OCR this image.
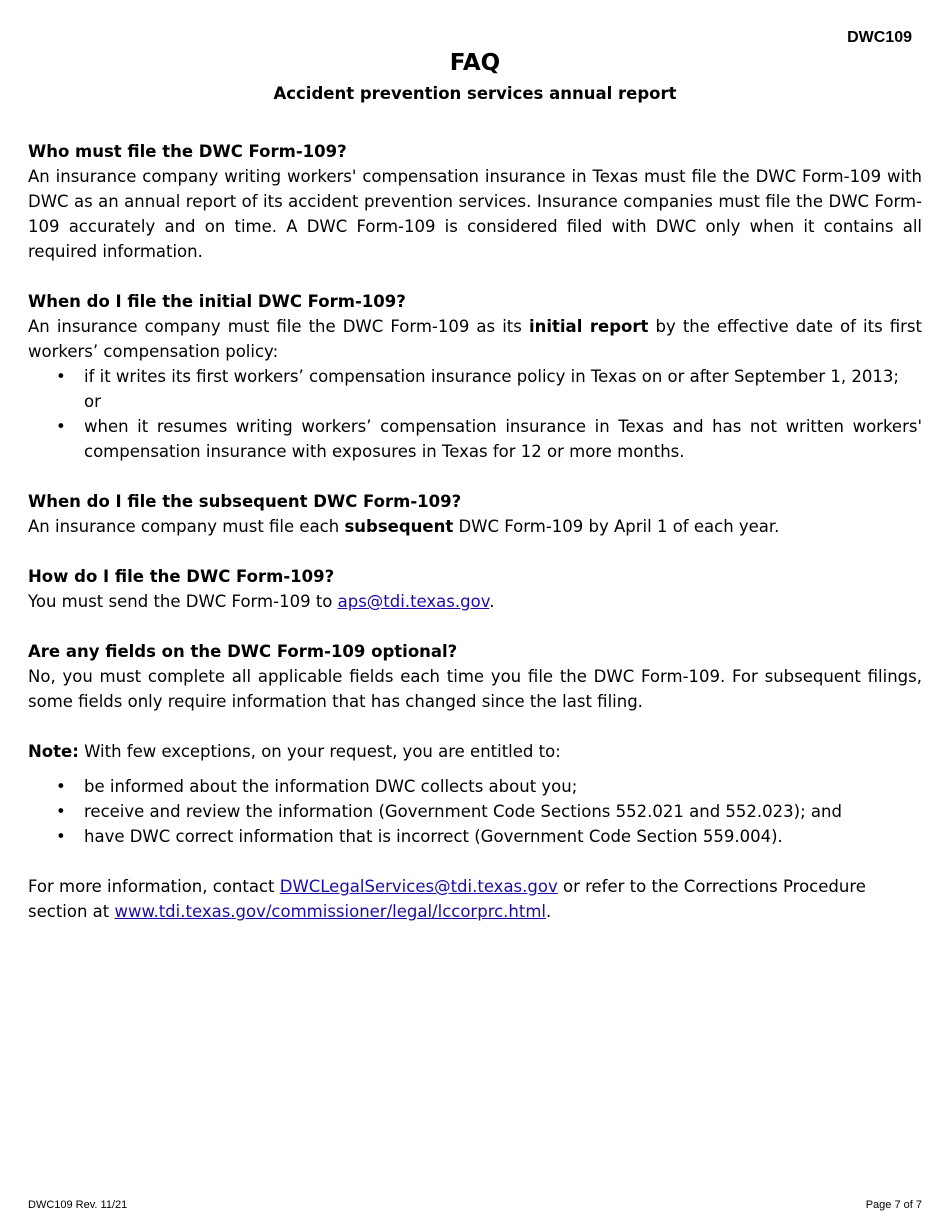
DWC109
FAQ
Accident prevention services annual report
Who must file the DWC Form-109?

An insurance company writing workers' compensation insurance in Texas must file the DWC Form-109 with DWC as an annual report of its accident prevention services. Insurance companies must file the DWC Form-109 accurately and on time. A DWC Form-109 is considered filed with DWC only when it contains all required information.

When do I file the initial DWC Form-109?

An insurance company must file the DWC Form-109 as its initial report by the effective date of its first workers’ compensation policy:

• if it writes its first workers’ compensation insurance policy in Texas on or after September 1, 2013;
or
• when it resumes writing workers’ compensation insurance in Texas and has not written workers' compensation insurance with exposures in Texas for 12 or more months.
When do I file the subsequent DWC Form-109?

An insurance company must file each subsequent DWC Form-109 by April 1 of each year.

How do I file the DWC Form-109?

You must send the DWC Form-109 to aps@tdi.texas.gov.

Are any fields on the DWC Form-109 optional?

No, you must complete all applicable fields each time you file the DWC Form-109. For subsequent filings, some fields only require information that has changed since the last filing.

Note: With few exceptions, on your request, you are entitled to:

• be informed about the information DWC collects about you;
• receive and review the information (Government Code Sections 552.021 and 552.023); and
• have DWC correct information that is incorrect (Government Code Section 559.004).

For more information, contact DWCLegalServices@tdi.texas.gov or refer to the Corrections Procedure section at www.tdi.texas.gov/commissioner/legal/lccorprc.html.

DWC109 Rev. 11/21	Page 7 of 7
